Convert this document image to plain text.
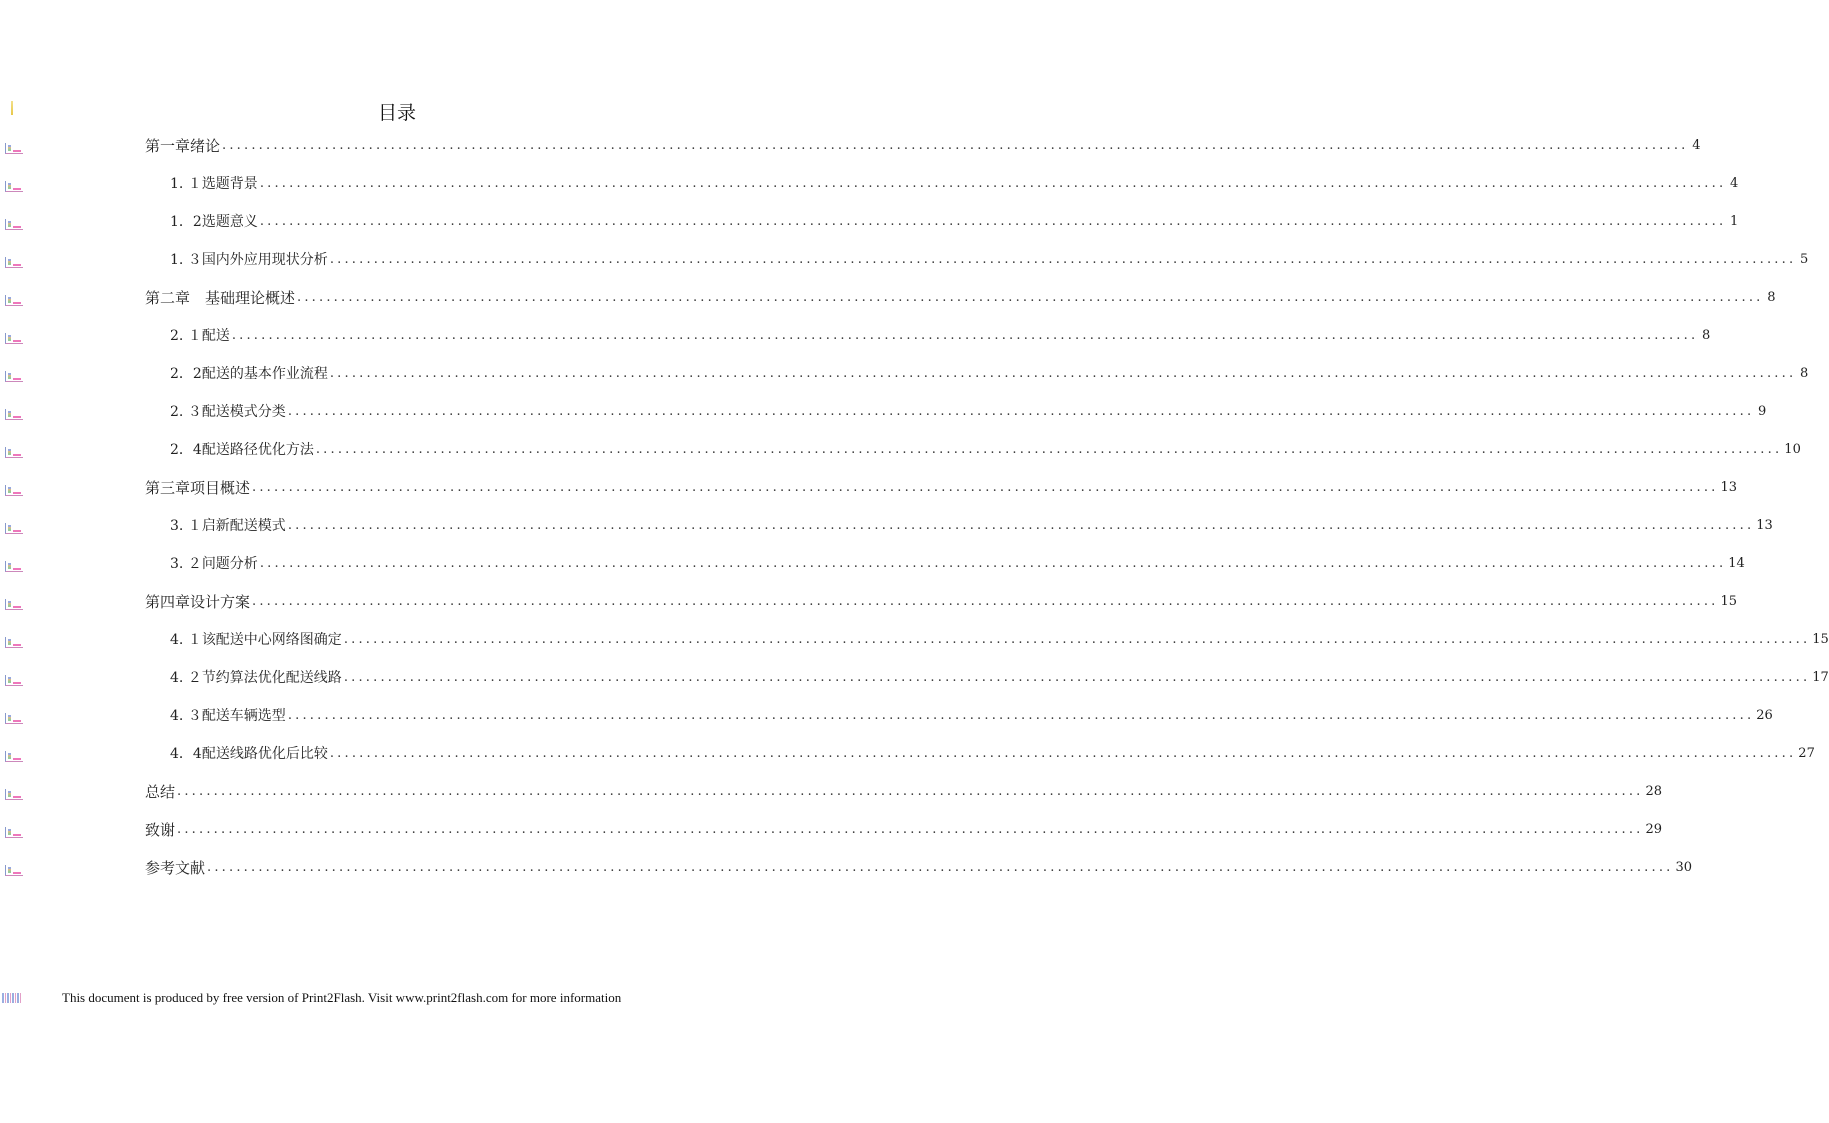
目录
第一章绪论 ........................................................................................................................................................................................................ 4
1. １ 选题背景 ........................................................................................................................................................................................................ 4
1．2 选题意义 ........................................................................................................................................................................................................ 1
1. ３ 国内外应用现状分析 ........................................................................................................................................................................................................ 5
第二章　基础理论概述 ........................................................................................................................................................................................................ 8
2. １ 配送 ........................................................................................................................................................................................................ 8
2．2 配送的基本作业流程 ........................................................................................................................................................................................................ 8
2. ３ 配送模式分类 ........................................................................................................................................................................................................ 9
2．4 配送路径优化方法 ........................................................................................................................................................................................................ 10
第三章项目概述 ........................................................................................................................................................................................................ 13
3. １ 启新配送模式 ........................................................................................................................................................................................................ 13
3. ２ 问题分析 ........................................................................................................................................................................................................ 14
第四章设计方案 ........................................................................................................................................................................................................ 15
4. １ 该配送中心网络图确定 ........................................................................................................................................................................................................ 15
4. ２ 节约算法优化配送线路 ........................................................................................................................................................................................................ 17
4. ３ 配送车辆选型 ........................................................................................................................................................................................................ 26
4．4 配送线路优化后比较 ........................................................................................................................................................................................................ 27
总结 ........................................................................................................................................................................................................ 28
致谢 ........................................................................................................................................................................................................ 29
参考文献 ........................................................................................................................................................................................................ 30
This document is produced by free version of Print2Flash. Visit www.print2flash.com for more information
